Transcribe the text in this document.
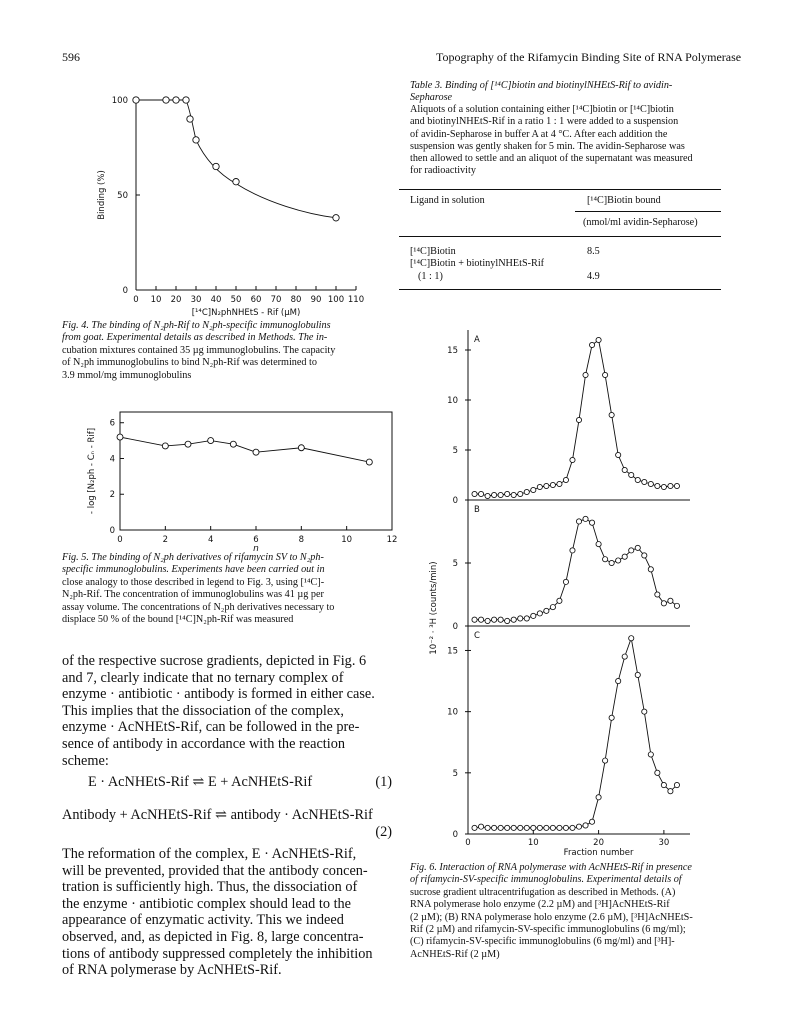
596	Topography of the Rifamycin Binding Site of RNA Polymerase
0 10 20 30 40 50 60 70 80 90 100 110
0
50
100
[¹⁴C]N₂phNHEtS - Rif (µM)
Binding (%)
Fig. 4. The binding of N₂ph-Rif to N₂ph-specific immunoglobulins
from goat. Experimental details as described in Methods. The in-
cubation mixtures contained 35 µg immunoglobulins. The capacity
of N₂ph immunoglobulins to bind N₂ph-Rif was determined to
3.9 mmol/mg immunoglobulins
0	2	4	6	8	10	12
0
2
4
6
n
- log [N₂ph - Cₙ - Rif]
Fig. 5. The binding of N₂ph derivatives of rifamycin SV to N₂ph-
specific immunoglobulins. Experiments have been carried out in
close analogy to those described in legend to Fig. 3, using [¹⁴C]-
N₂ph-Rif. The concentration of immunoglobulins was 41 µg per
assay volume. The concentrations of N₂ph derivatives necessary to
displace 50 % of the bound [¹⁴C]N₂ph-Rif was measured
of the respective sucrose gradients, depicted in Fig. 6
and 7, clearly indicate that no ternary complex of
enzyme · antibiotic · antibody is formed in either case.
This implies that the dissociation of the complex,
enzyme · AcNHEtS-Rif, can be followed in the pre-
sence of antibody in accordance with the reaction
scheme:
E · AcNHEtS-Rif ⇌ E + AcNHEtS-Rif	(1)
Antibody + AcNHEtS-Rif ⇌ antibody · AcNHEtS-Rif
(2)
The reformation of the complex, E · AcNHEtS-Rif,
will be prevented, provided that the antibody concen-
tration is sufficiently high. Thus, the dissociation of
the enzyme · antibiotic complex should lead to the
appearance of enzymatic activity. This we indeed
observed, and, as depicted in Fig. 8, large concentra-
tions of antibody suppressed completely the inhibition
of RNA polymerase by AcNHEtS-Rif.
Table 3. Binding of [¹⁴C]biotin and biotinylNHEtS-Rif to avidin-
Sepharose
Aliquots of a solution containing either [¹⁴C]biotin or [¹⁴C]biotin
and biotinylNHEtS-Rif in a ratio 1 : 1 were added to a suspension
of avidin-Sepharose in buffer A at 4 °C. After each addition the
suspension was gently shaken for 5 min. The avidin-Sepharose was
then allowed to settle and an aliquot of the supernatant was measured
for radioactivity
Ligand in solution	[¹⁴C]Biotin bound
(nmol/ml avidin-Sepharose)
[¹⁴C]Biotin	8.5
[¹⁴C]Biotin + biotinylNHEtS-Rif
(1 : 1)	4.9
0
5
10
15
A
0
5
B
0
5
10
15
C
0	10	20	30
Fraction number
10⁻² · ³H (counts/min)
Fig. 6. Interaction of RNA polymerase with AcNHEtS-Rif in presence
of rifamycin-SV-specific immunoglobulins. Experimental details of
sucrose gradient ultracentrifugation as described in Methods. (A)
RNA polymerase holo enzyme (2.2 µM) and [³H]AcNHEtS-Rif
(2 µM); (B) RNA polymerase holo enzyme (2.6 µM), [³H]AcNHEtS-
Rif (2 µM) and rifamycin-SV-specific immunoglobulins (6 mg/ml);
(C) rifamycin-SV-specific immunoglobulins (6 mg/ml) and [³H]-
AcNHEtS-Rif (2 µM)
